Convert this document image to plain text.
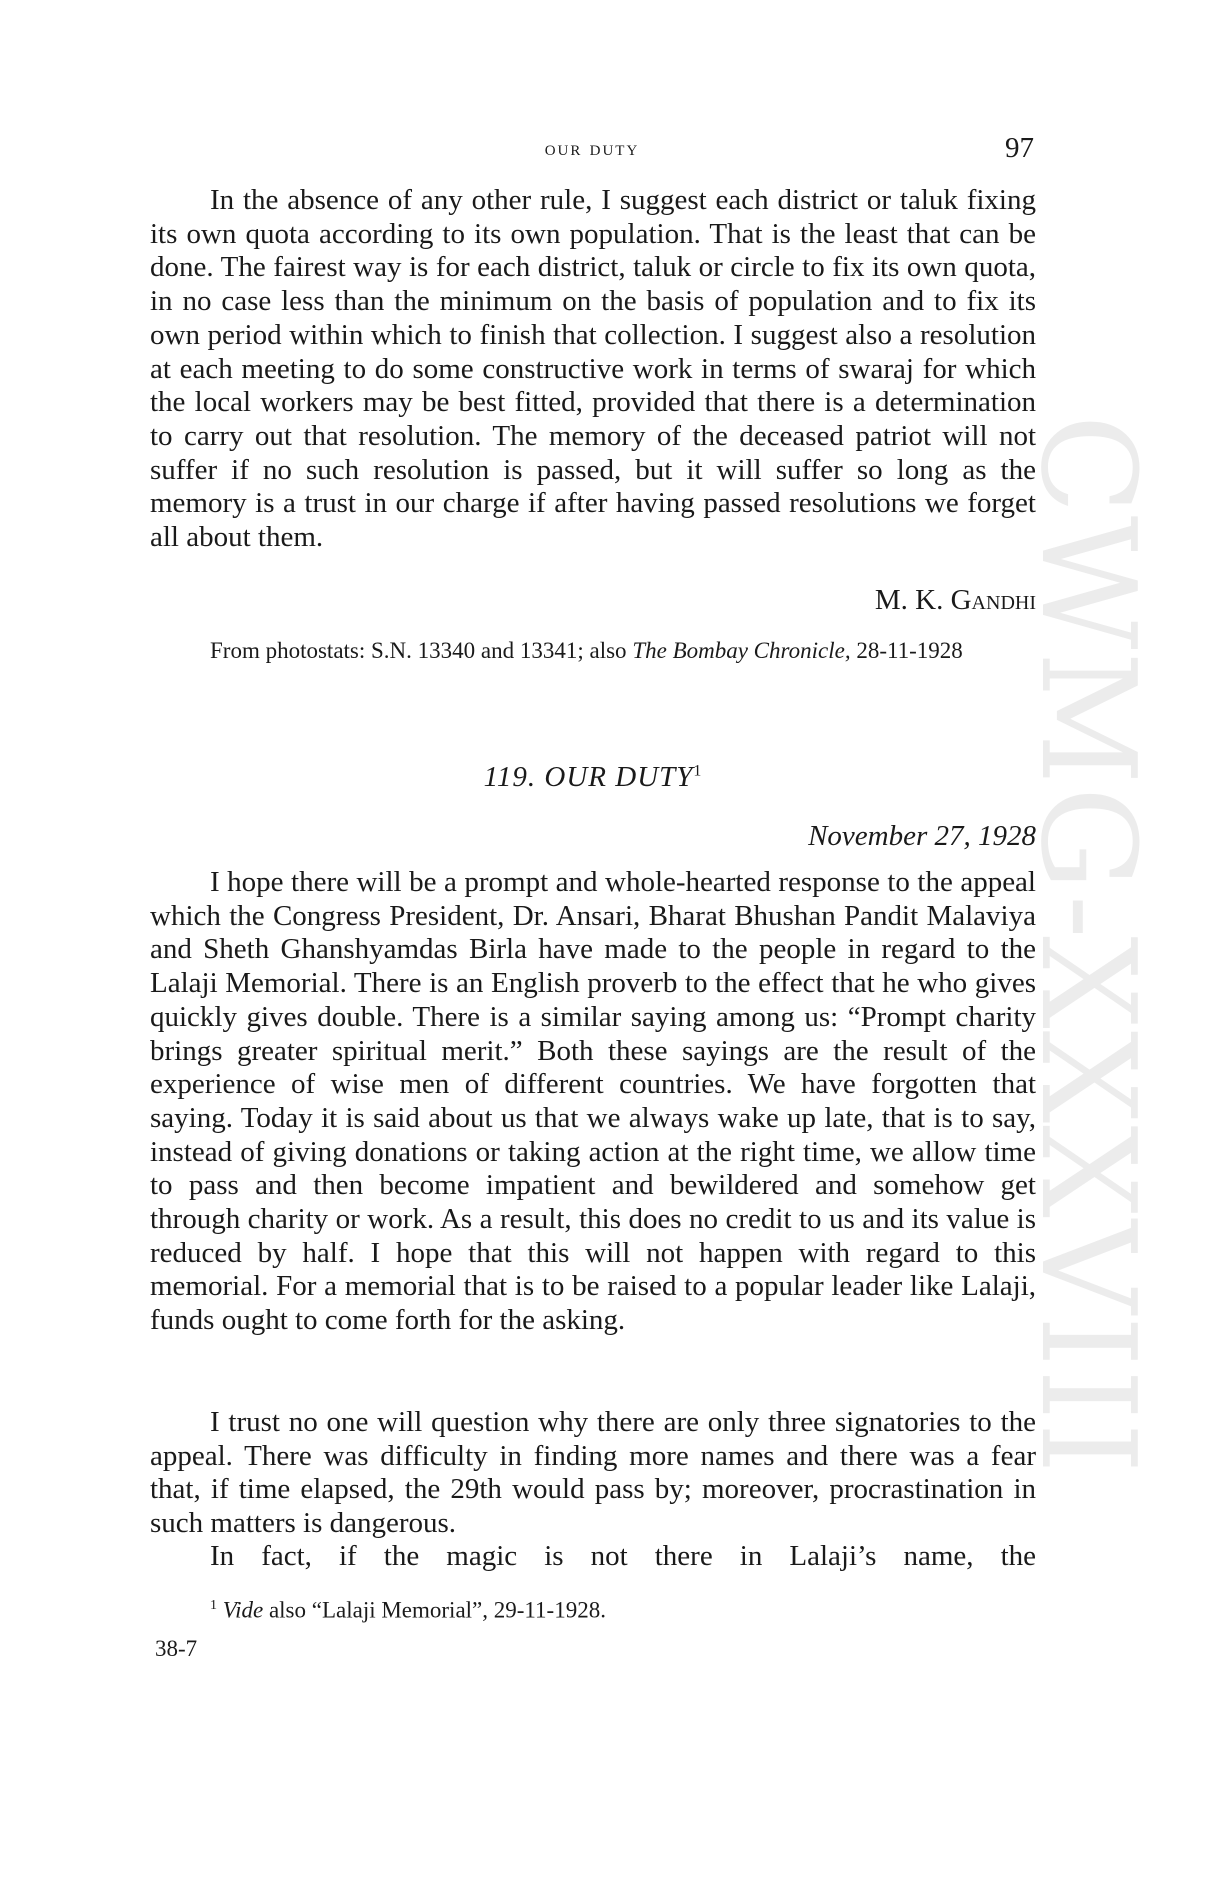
CWMG-XXXVIII
our duty	97

In the absence of any other rule, I suggest each district or taluk fixing its own quota according to its own population. That is the least that can be done. The fairest way is for each district, taluk or circle to fix its own quota, in no case less than the minimum on the basis of population and to fix its own period within which to finish that collection. I suggest also a resolution at each meeting to do some constructive work in terms of swaraj for which the local workers may be best fitted, provided that there is a determination to carry out that resolution. The memory of the deceased patriot will not suffer if no such resolution is passed, but it will suffer so long as the memory is a trust in our charge if after having passed resolutions we forget all about them.

M. K. Gandhi
From photostats: S.N. 13340 and 13341; also The Bombay Chronicle, 28-11-1928
119. OUR DUTY$^1$
November 27, 1928

I hope there will be a prompt and whole-hearted response to the appeal which the Congress President, Dr. Ansari, Bharat Bhushan Pandit Malaviya and Sheth Ghanshyamdas Birla have made to the people in regard to the Lalaji Memorial. There is an English proverb to the effect that he who gives quickly gives double. There is a similar saying among us: “Prompt charity brings greater spiritual merit.” Both these sayings are the result of the experience of wise men of different countries. We have forgotten that saying. Today it is said about us that we always wake up late, that is to say, instead of giving donations or taking action at the right time, we allow time to pass and then become impatient and bewildered and somehow get through charity or work. As a result, this does no credit to us and its value is reduced by half. I hope that this will not happen with regard to this memorial. For a memorial that is to be raised to a popular leader like Lalaji, funds ought to come forth for the asking.

I trust no one will question why there are only three signatories to the appeal. There was difficulty in finding more names and there was a fear that, if time elapsed, the 29th would pass by; moreover, procrastination in such matters is dangerous.

In fact, if the magic is not there in Lalaji’s name, the

$^1$ Vide also “Lalaji Memorial”, 29-11-1928.
38-7
